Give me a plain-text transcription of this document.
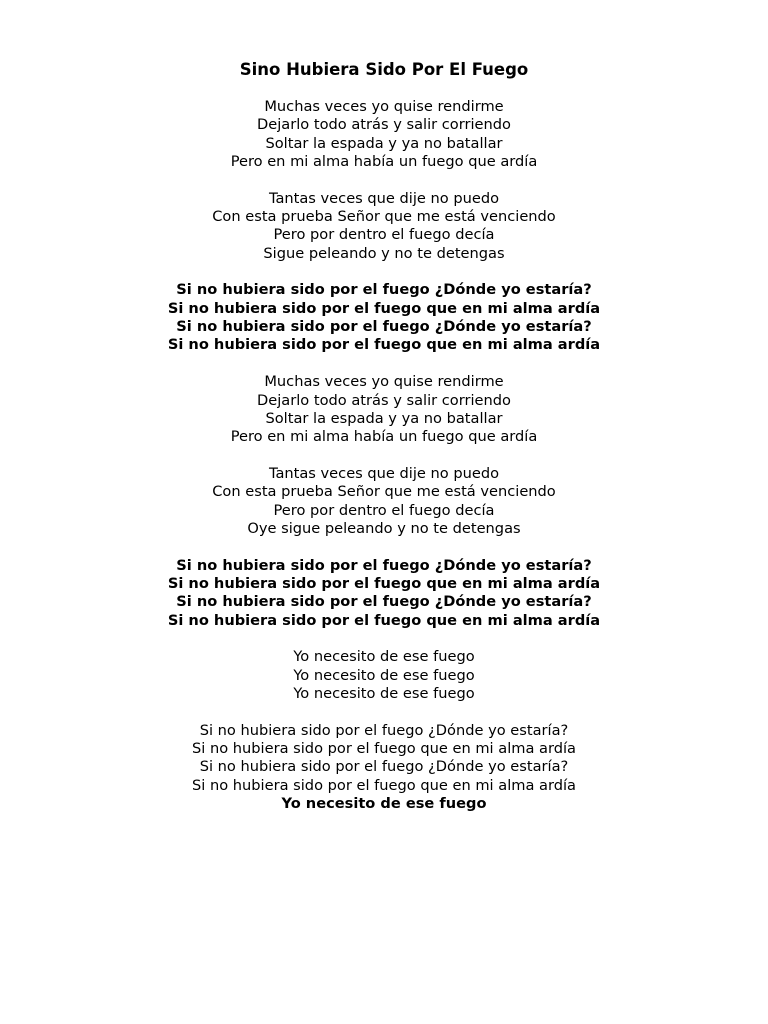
Sino Hubiera Sido Por El Fuego
Muchas veces yo quise rendirme
Dejarlo todo atrás y salir corriendo
Soltar la espada y ya no batallar
Pero en mi alma había un fuego que ardía
Tantas veces que dije no puedo
Con esta prueba Señor que me está venciendo
Pero por dentro el fuego decía
Sigue peleando y no te detengas
Si no hubiera sido por el fuego ¿Dónde yo estaría?
Si no hubiera sido por el fuego que en mi alma ardía
Si no hubiera sido por el fuego ¿Dónde yo estaría?
Si no hubiera sido por el fuego que en mi alma ardía
Muchas veces yo quise rendirme
Dejarlo todo atrás y salir corriendo
Soltar la espada y ya no batallar
Pero en mi alma había un fuego que ardía
Tantas veces que dije no puedo
Con esta prueba Señor que me está venciendo
Pero por dentro el fuego decía
Oye sigue peleando y no te detengas
Si no hubiera sido por el fuego ¿Dónde yo estaría?
Si no hubiera sido por el fuego que en mi alma ardía
Si no hubiera sido por el fuego ¿Dónde yo estaría?
Si no hubiera sido por el fuego que en mi alma ardía
Yo necesito de ese fuego
Yo necesito de ese fuego
Yo necesito de ese fuego
Si no hubiera sido por el fuego ¿Dónde yo estaría?
Si no hubiera sido por el fuego que en mi alma ardía
Si no hubiera sido por el fuego ¿Dónde yo estaría?
Si no hubiera sido por el fuego que en mi alma ardía
Yo necesito de ese fuego
